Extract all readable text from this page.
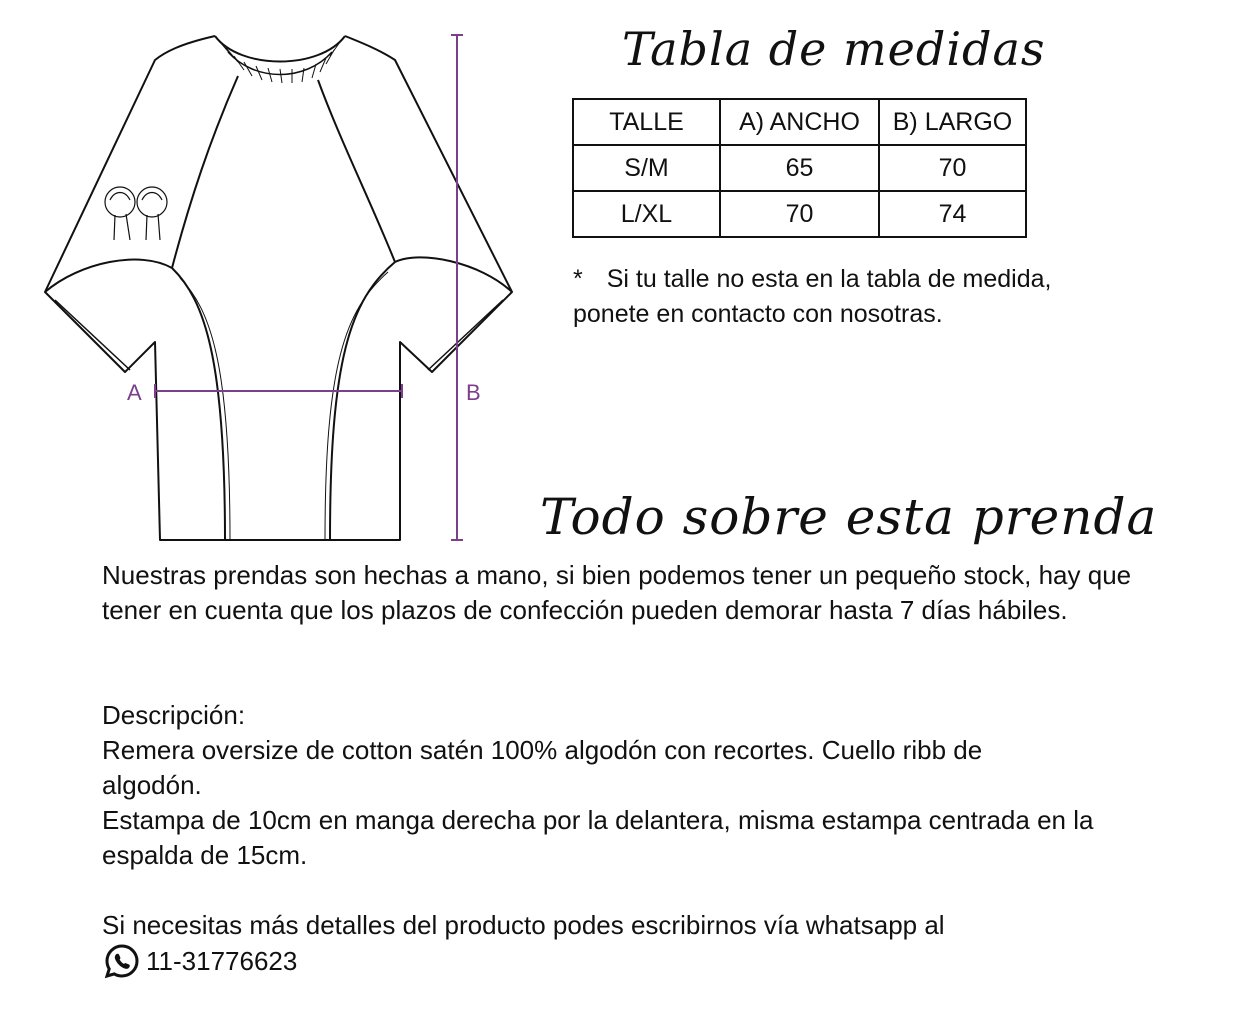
A	B
Tabla de medidas
TALLE	A) ANCHO	B) LARGO
S/M	65	70
L/XL	70	74
* Si tu talle no esta en la tabla de medida,
ponete en contacto con nosotras.
Todo sobre esta prenda
Nuestras prendas son hechas a mano, si bien podemos tener un pequeño stock, hay que tener en cuenta que los plazos de confección pueden demorar hasta 7 días hábiles.
Descripción:
Remera oversize de cotton satén 100% algodón con recortes. Cuello ribb de algodón.
Estampa de 10cm en manga derecha por la delantera, misma estampa centrada en la espalda de 15cm.
Si necesitas más detalles del producto podes escribirnos vía whatsapp al
11-31776623
